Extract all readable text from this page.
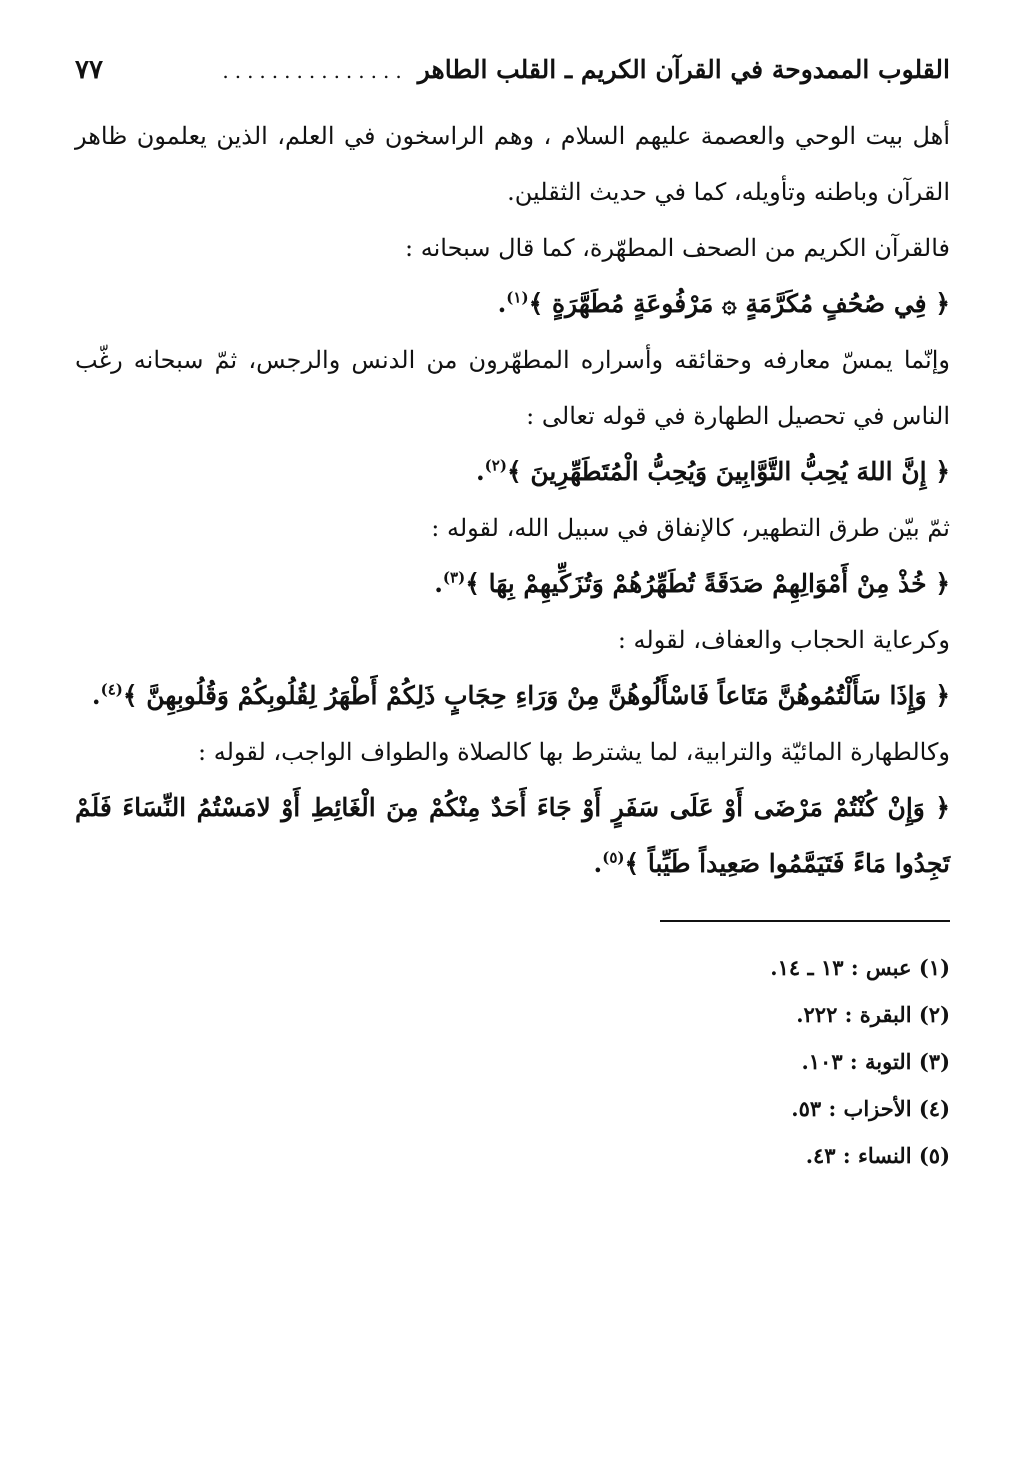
القلوب الممدوحة في القرآن الكريم ـ القلب الطاهر
...............
٧٧

أهل بيت الوحي والعصمة عليهم السلام ، وهم الراسخون في العلم، الذين يعلمون ظاهر القرآن وباطنه وتأويله، كما في حديث الثقلين.

فالقرآن الكريم من الصحف المطهّرة، كما قال سبحانه :

﴿ فِي صُحُفٍ مُكَرَّمَةٍ ۞ مَرْفُوعَةٍ مُطَهَّرَةٍ ﴾$^{(١)}$.

وإنّما يمسّ معارفه وحقائقه وأسراره المطهّرون من الدنس والرجس، ثمّ سبحانه رغّب الناس في تحصيل الطهارة في قوله تعالى :

﴿ إِنَّ اللهَ يُحِبُّ التَّوَّابِينَ وَيُحِبُّ الْمُتَطَهِّرِينَ ﴾$^{(٢)}$.

ثمّ بيّن طرق التطهير، كالإنفاق في سبيل الله، لقوله :

﴿ خُذْ مِنْ أَمْوَالِهِمْ صَدَقَةً تُطَهِّرُهُمْ وَتُزَكِّيهِمْ بِهَا ﴾$^{(٣)}$.

وكرعاية الحجاب والعفاف، لقوله :

﴿ وَإِذَا سَأَلْتُمُوهُنَّ مَتَاعاً فَاسْأَلُوهُنَّ مِنْ وَرَاءِ حِجَابٍ ذَلِكُمْ أَطْهَرُ لِقُلُوبِكُمْ وَقُلُوبِهِنَّ ﴾$^{(٤)}$.

وكالطهارة المائيّة والترابية، لما يشترط بها كالصلاة والطواف الواجب، لقوله :

﴿ وَإِنْ كُنْتُمْ مَرْضَى أَوْ عَلَى سَفَرٍ أَوْ جَاءَ أَحَدٌ مِنْكُمْ مِنَ الْغَائِطِ أَوْ لامَسْتُمُ النِّسَاءَ فَلَمْ تَجِدُوا مَاءً فَتَيَمَّمُوا صَعِيداً طَيِّباً ﴾$^{(٥)}$.

(١) عبس : ١٣ ـ ١٤.

(٢) البقرة : ٢٢٢.

(٣) التوبة : ١٠٣.

(٤) الأحزاب : ٥٣.

(٥) النساء : ٤٣.
